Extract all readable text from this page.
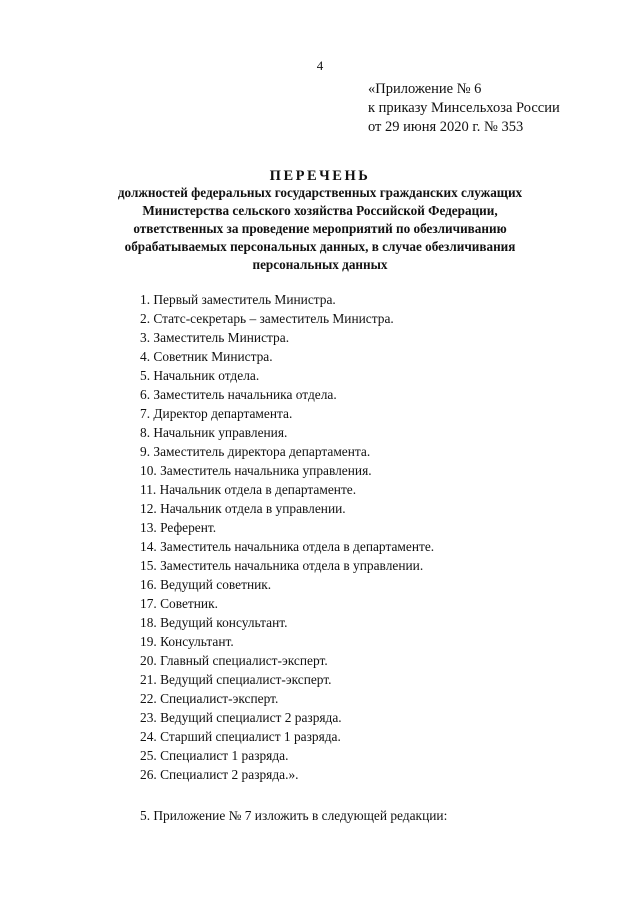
4
«Приложение № 6
к приказу Минсельхоза России
от 29 июня 2020 г. № 353
ПЕРЕЧЕНЬ
должностей федеральных государственных гражданских служащих
Министерства сельского хозяйства Российской Федерации,
ответственных за проведение мероприятий по обезличиванию
обрабатываемых персональных данных, в случае обезличивания
персональных данных
1. Первый заместитель Министра.
2. Статс-секретарь – заместитель Министра.
3. Заместитель Министра.
4. Советник Министра.
5. Начальник отдела.
6. Заместитель начальника отдела.
7. Директор департамента.
8. Начальник управления.
9. Заместитель директора департамента.
10. Заместитель начальника управления.
11. Начальник отдела в департаменте.
12. Начальник отдела в управлении.
13. Референт.
14. Заместитель начальника отдела в департаменте.
15. Заместитель начальника отдела в управлении.
16. Ведущий советник.
17. Советник.
18. Ведущий консультант.
19. Консультант.
20. Главный специалист-эксперт.
21. Ведущий специалист-эксперт.
22. Специалист-эксперт.
23. Ведущий специалист 2 разряда.
24. Старший специалист 1 разряда.
25. Специалист 1 разряда.
26. Специалист 2 разряда.».
5. Приложение № 7 изложить в следующей редакции:
